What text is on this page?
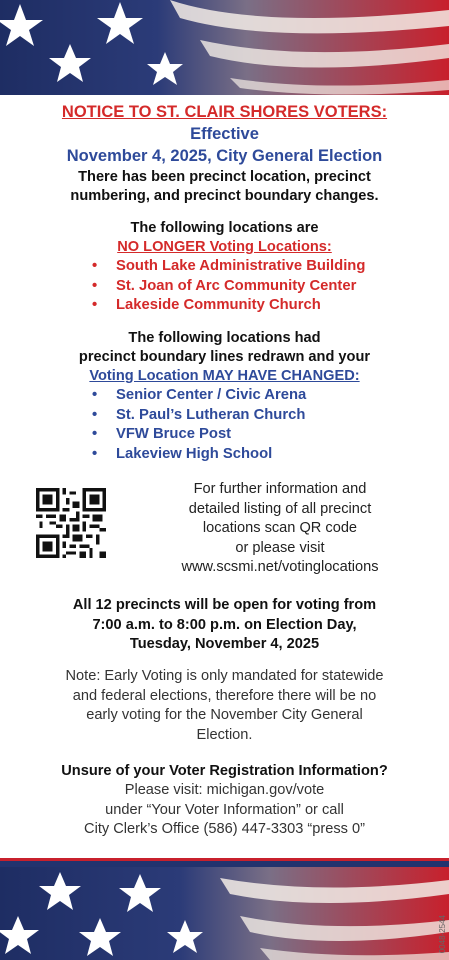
NOTICE TO ST. CLAIR SHORES VOTERS:
Effective
November 4, 2025, City General Election
There has been precinct location, precinct
numbering, and precinct boundary changes.
The following locations are
NO LONGER Voting Locations:
• South Lake Administrative Building
• St. Joan of Arc Community Center
• Lakeside Community Church
The following locations had
precinct boundary lines redrawn and your
Voting Location MAY HAVE CHANGED:
• Senior Center / Civic Arena
• St. Paul’s Lutheran Church
• VFW Bruce Post
• Lakeview High School
For further information and
detailed listing of all precinct
locations scan QR code
or please visit
www.scsmi.net/votinglocations
All 12 precincts will be open for voting from
7:00 a.m. to 8:00 p.m. on Election Day,
Tuesday, November 4, 2025
Note: Early Voting is only mandated for statewide
and federal elections, therefore there will be no
early voting for the November City General
Election.
Unsure of your Voter Registration Information?
Please visit: michigan.gov/vote
under “Your Voter Information” or call
City Clerk’s Office (586) 447-3303 “press 0”
0048-2544
